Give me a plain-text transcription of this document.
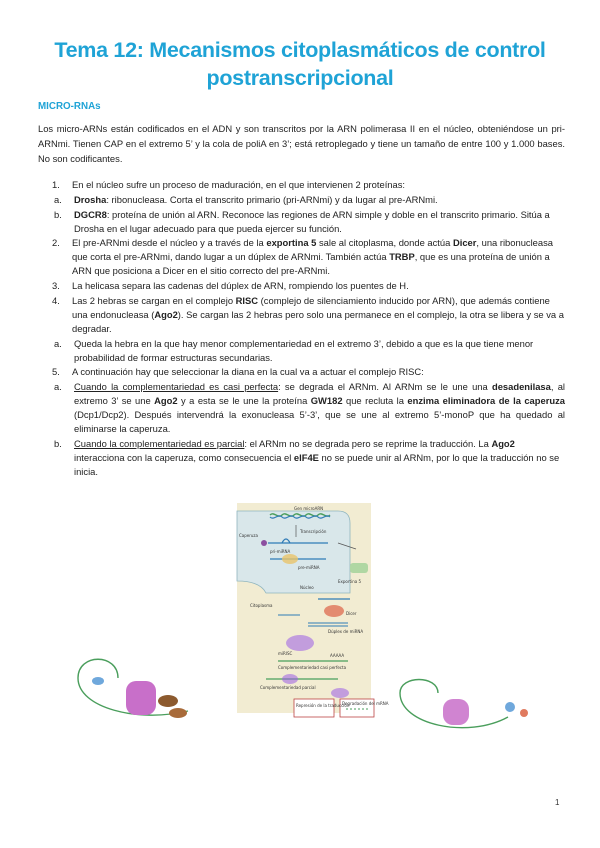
Tema 12: Mecanismos citoplasmáticos de control postranscripcional
MICRO-RNAs
Los micro-ARNs están codificados en el ADN y son transcritos por la ARN polimerasa II en el núcleo, obteniéndose un pri-ARNmi. Tienen CAP en el extremo 5’ y la cola de poliA en 3’; está retroplegado y tiene un tamaño de entre 100 y 1.000 bases. No son codificantes.
1. En el núcleo sufre un proceso de maduración, en el que intervienen 2 proteínas:
a. Drosha: ribonucleasa. Corta el transcrito primario (pri-ARNmi) y da lugar al pre-ARNmi.
b. DGCR8: proteína de unión al ARN. Reconoce las regiones de ARN simple y doble en el transcrito primario. Sitúa a Drosha en el lugar adecuado para que pueda ejercer su función.
2. El pre-ARNmi desde el núcleo y a través de la exportina 5 sale al citoplasma, donde actúa Dicer, una ribonucleasa que corta el pre-ARNmi, dando lugar a un dúplex de ARNmi. También actúa TRBP, que es una proteína de unión a ARN que posiciona a Dicer en el sitio correcto del pre-ARNmi.
3. La helicasa separa las cadenas del dúplex de ARN, rompiendo los puentes de H.
4. Las 2 hebras se cargan en el complejo RISC (complejo de silenciamiento inducido por ARN), que además contiene una endonucleasa (Ago2). Se cargan las 2 hebras pero solo una permanece en el complejo, la otra se libera y se va a degradar.
a. Queda la hebra en la que hay menor complementariedad en el extremo 3’, debido a que es la que tiene menor probabilidad de formar estructuras secundarias.
5. A continuación hay que seleccionar la diana en la cual va a actuar el complejo RISC:
a. Cuando la complementariedad es casi perfecta: se degrada el ARNm. Al ARNm se le une una desadenilasa, al extremo 3’ se une Ago2 y a esta se le une la proteína GW182 que recluta la enzima eliminadora de la caperuza (Dcp1/Dcp2). Después intervendrá la exonucleasa 5’-3’, que se une al extremo 5’-monoP que ha quedado al eliminarse la caperuza.
b. Cuando la complementariedad es parcial: el ARNm no se degrada pero se reprime la traducción. La Ago2 interacciona con la caperuza, como consecuencia el elF4E no se puede unir al ARNm, por lo que la traducción no se inicia.
Caperuza
Gen microARN
Transcripción
pri-miRNA
pre-miRNA
Núcleo
Citoplasma
Exportina 5
Dicer
Dúplex de miRNA
miRISC
Complementariedad casi perfecta
Complementariedad parcial
Represión de la traducción
Degradación del mRNA
AAAAA
1
